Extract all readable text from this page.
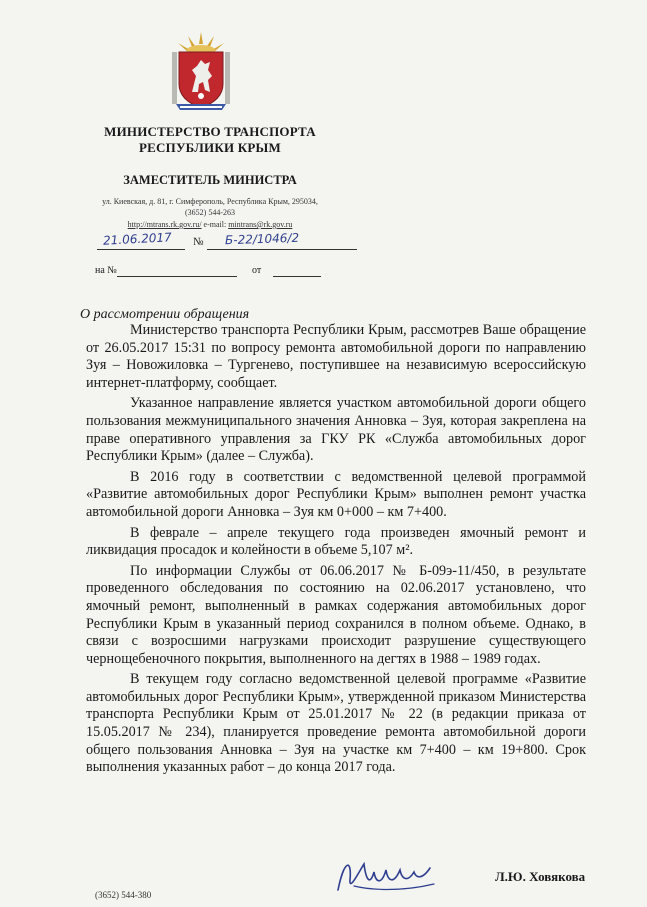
МИНИСТЕРСТВО ТРАНСПОРТА
РЕСПУБЛИКИ КРЫМ
ЗАМЕСТИТЕЛЬ МИНИСТРА
ул. Киевская, д. 81, г. Симферополь, Республика Крым, 295034,
(3652) 544-263
http://mtrans.rk.gov.ru/ e-mail: mintrans@rk.gov.ru
21.06.2017 № Б-22/1046/2
на №	от
О рассмотрении обращения

Министерство транспорта Республики Крым, рассмотрев Ваше обращение от 26.05.2017 15:31 по вопросу ремонта автомобильной дороги по направлению Зуя – Новожиловка – Тургенево, поступившее на независимую всероссийскую интернет-платформу, сообщает.

Указанное направление является участком автомобильной дороги общего пользования межмуниципального значения Анновка – Зуя, которая закреплена на праве оперативного управления за ГКУ РК «Служба автомобильных дорог Республики Крым» (далее – Служба).

В 2016 году в соответствии с ведомственной целевой программой «Развитие автомобильных дорог Республики Крым» выполнен ремонт участка автомобильной дороги Анновка – Зуя км 0+000 – км 7+400.

В феврале – апреле текущего года произведен ямочный ремонт и ликвидация просадок и колейности в объеме 5,107 м².

По информации Службы от 06.06.2017 № Б-09э-11/450, в результате проведенного обследования по состоянию на 02.06.2017 установлено, что ямочный ремонт, выполненный в рамках содержания автомобильных дорог Республики Крым в указанный период сохранился в полном объеме. Однако, в связи с возросшими нагрузками происходит разрушение существующего чернощебеночного покрытия, выполненного на дегтях в 1988 – 1989 годах.

В текущем году согласно ведомственной целевой программе «Развитие автомобильных дорог Республики Крым», утвержденной приказом Министерства транспорта Республики Крым от 25.01.2017 № 22 (в редакции приказа от 15.05.2017 № 234), планируется проведение ремонта автомобильной дороги общего пользования Анновка – Зуя на участке км 7+400 – км 19+800. Срок выполнения указанных работ – до конца 2017 года.

Л.Ю. Ховякова
(3652) 544-380
